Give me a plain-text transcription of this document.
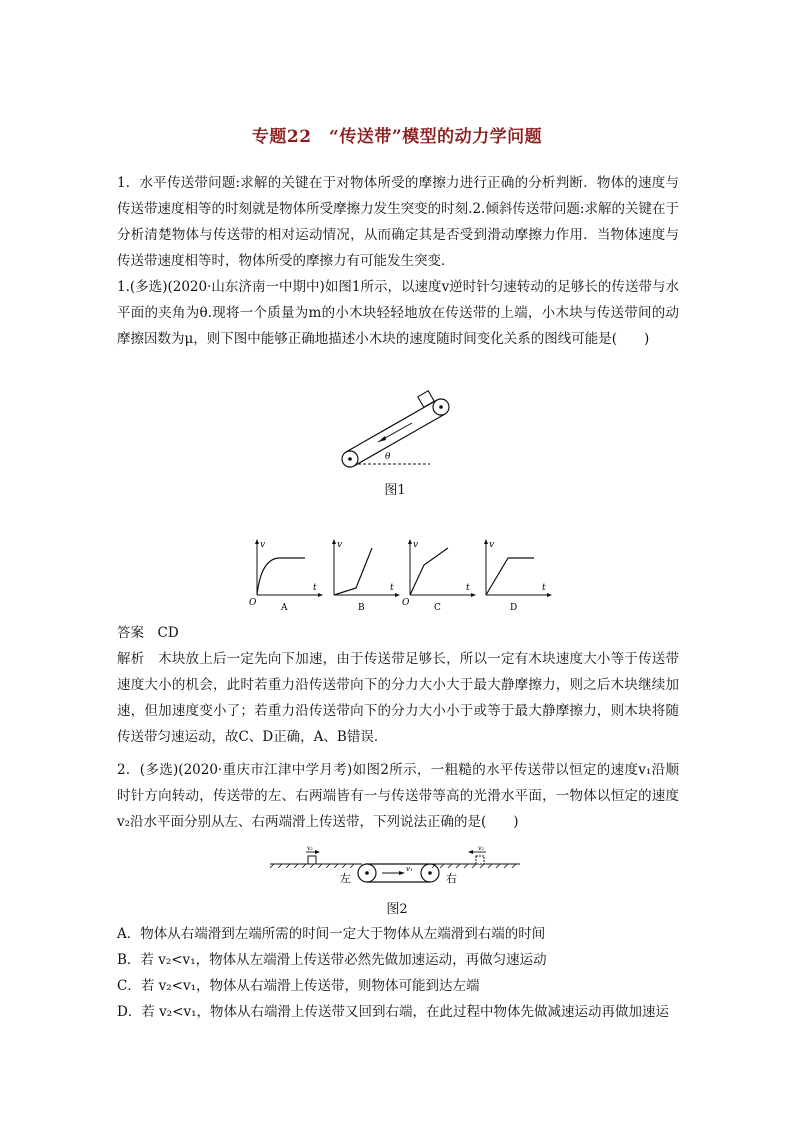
专题22　“传送带”模型的动力学问题
1．水平传送带问题:求解的关键在于对物体所受的摩擦力进行正确的分析判断．物体的速度与传送带速度相等的时刻就是物体所受摩擦力发生突变的时刻.2.倾斜传送带问题:求解的关键在于分析清楚物体与传送带的相对运动情况，从而确定其是否受到滑动摩擦力作用．当物体速度与传送带速度相等时，物体所受的摩擦力有可能发生突变．
1.(多选)(2020·山东济南一中期中)如图1所示，以速度v逆时针匀速转动的足够长的传送带与水平面的夹角为θ.现将一个质量为m的小木块轻轻地放在传送带的上端，小木块与传送带间的动摩擦因数为μ，则下图中能够正确地描述小木块的速度随时间变化关系的图线可能是(　　)
θ
图1
v
t
O	A
v
t
B
v
t
O	C
v
t
D
答案　CD
解析　木块放上后一定先向下加速，由于传送带足够长，所以一定有木块速度大小等于传送带速度大小的机会，此时若重力沿传送带向下的分力大小大于最大静摩擦力，则之后木块继续加速，但加速度变小了；若重力沿传送带向下的分力大小小于或等于最大静摩擦力，则木块将随传送带匀速运动，故C、D正确，A、B错误．
2．(多选)(2020·重庆市江津中学月考)如图2所示，一粗糙的水平传送带以恒定的速度v₁沿顺时针方向转动，传送带的左、右两端皆有一与传送带等高的光滑水平面，一物体以恒定的速度v₂沿水平面分别从左、右两端滑上传送带，下列说法正确的是(　　)
v₁
v₂	v₂
左	右
图2
A．物体从右端滑到左端所需的时间一定大于物体从左端滑到右端的时间
B．若 v₂<v₁，物体从左端滑上传送带必然先做加速运动，再做匀速运动
C．若 v₂<v₁，物体从右端滑上传送带，则物体可能到达左端
D．若 v₂<v₁，物体从右端滑上传送带又回到右端，在此过程中物体先做减速运动再做加速运
